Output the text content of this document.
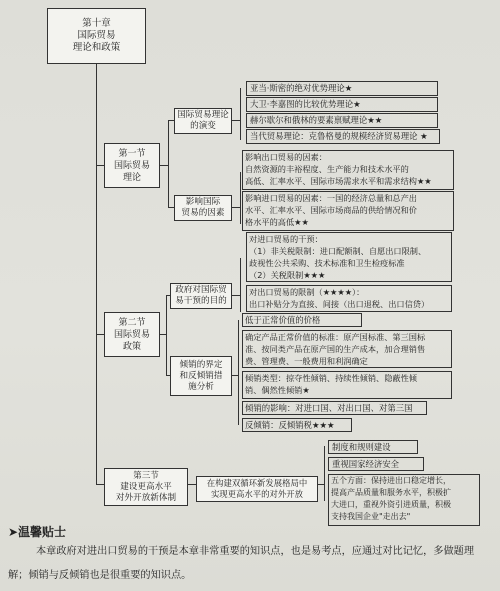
第十章
国际贸易
理论和政策
第一节
国际贸易
理论
国际贸易理论
的演变
影响国际
贸易的因素
亚当·斯密的绝对优势理论★
大卫·李嘉图的比较优势理论★
赫尔歇尔和俄林的要素禀赋理论★★
当代贸易理论：克鲁格曼的规模经济贸易理论 ★
影响出口贸易的因素：
自然资源的丰裕程度、生产能力和技术水平的
高低、汇率水平、国际市场需求水平和需求结构★★
影响进口贸易的因素：一国的经济总量和总产出
水平、汇率水平、国际市场商品的供给情况和价
格水平的高低★★
第二节
国际贸易
政策
政府对国际贸
易干预的目的
倾销的界定
和反倾销措
施分析
对进口贸易的干预：
（1）非关税限制：进口配额制、自愿出口限制、
歧视性公共采购、技术标准和卫生检疫标准
（2）关税限制★★★
对出口贸易的限制（★★★★）：
出口补贴分为直接、间接（出口退税、出口信贷）
低于正常价值的价格
确定产品正常价值的标准：原产国标准、第三国标
准、按同类产品在原产国的生产成本，加合理销售
费、管理费、一般费用和利润确定
倾销类型：掠夺性倾销、持续性倾销、隐蔽性倾
销、偶然性倾销★
倾销的影响：对进口国、对出口国、对第三国
反倾销：反倾销税★★★
第三节
建设更高水平
对外开放新体制
在构建双循环新发展格局中
实现更高水平的对外开放
制度和规则建设
重视国家经济安全
五个方面：保持进出口稳定增长，
提高产品质量和服务水平，积极扩
大进口，重视外资引进质量，积极
支持我国企业"走出去"
➤温馨贴士
本章政府对进出口贸易的干预是本章非常重要的知识点，也是易考点，应通过对比记忆，多做题理解；倾销与反倾销也是很重要的知识点。
